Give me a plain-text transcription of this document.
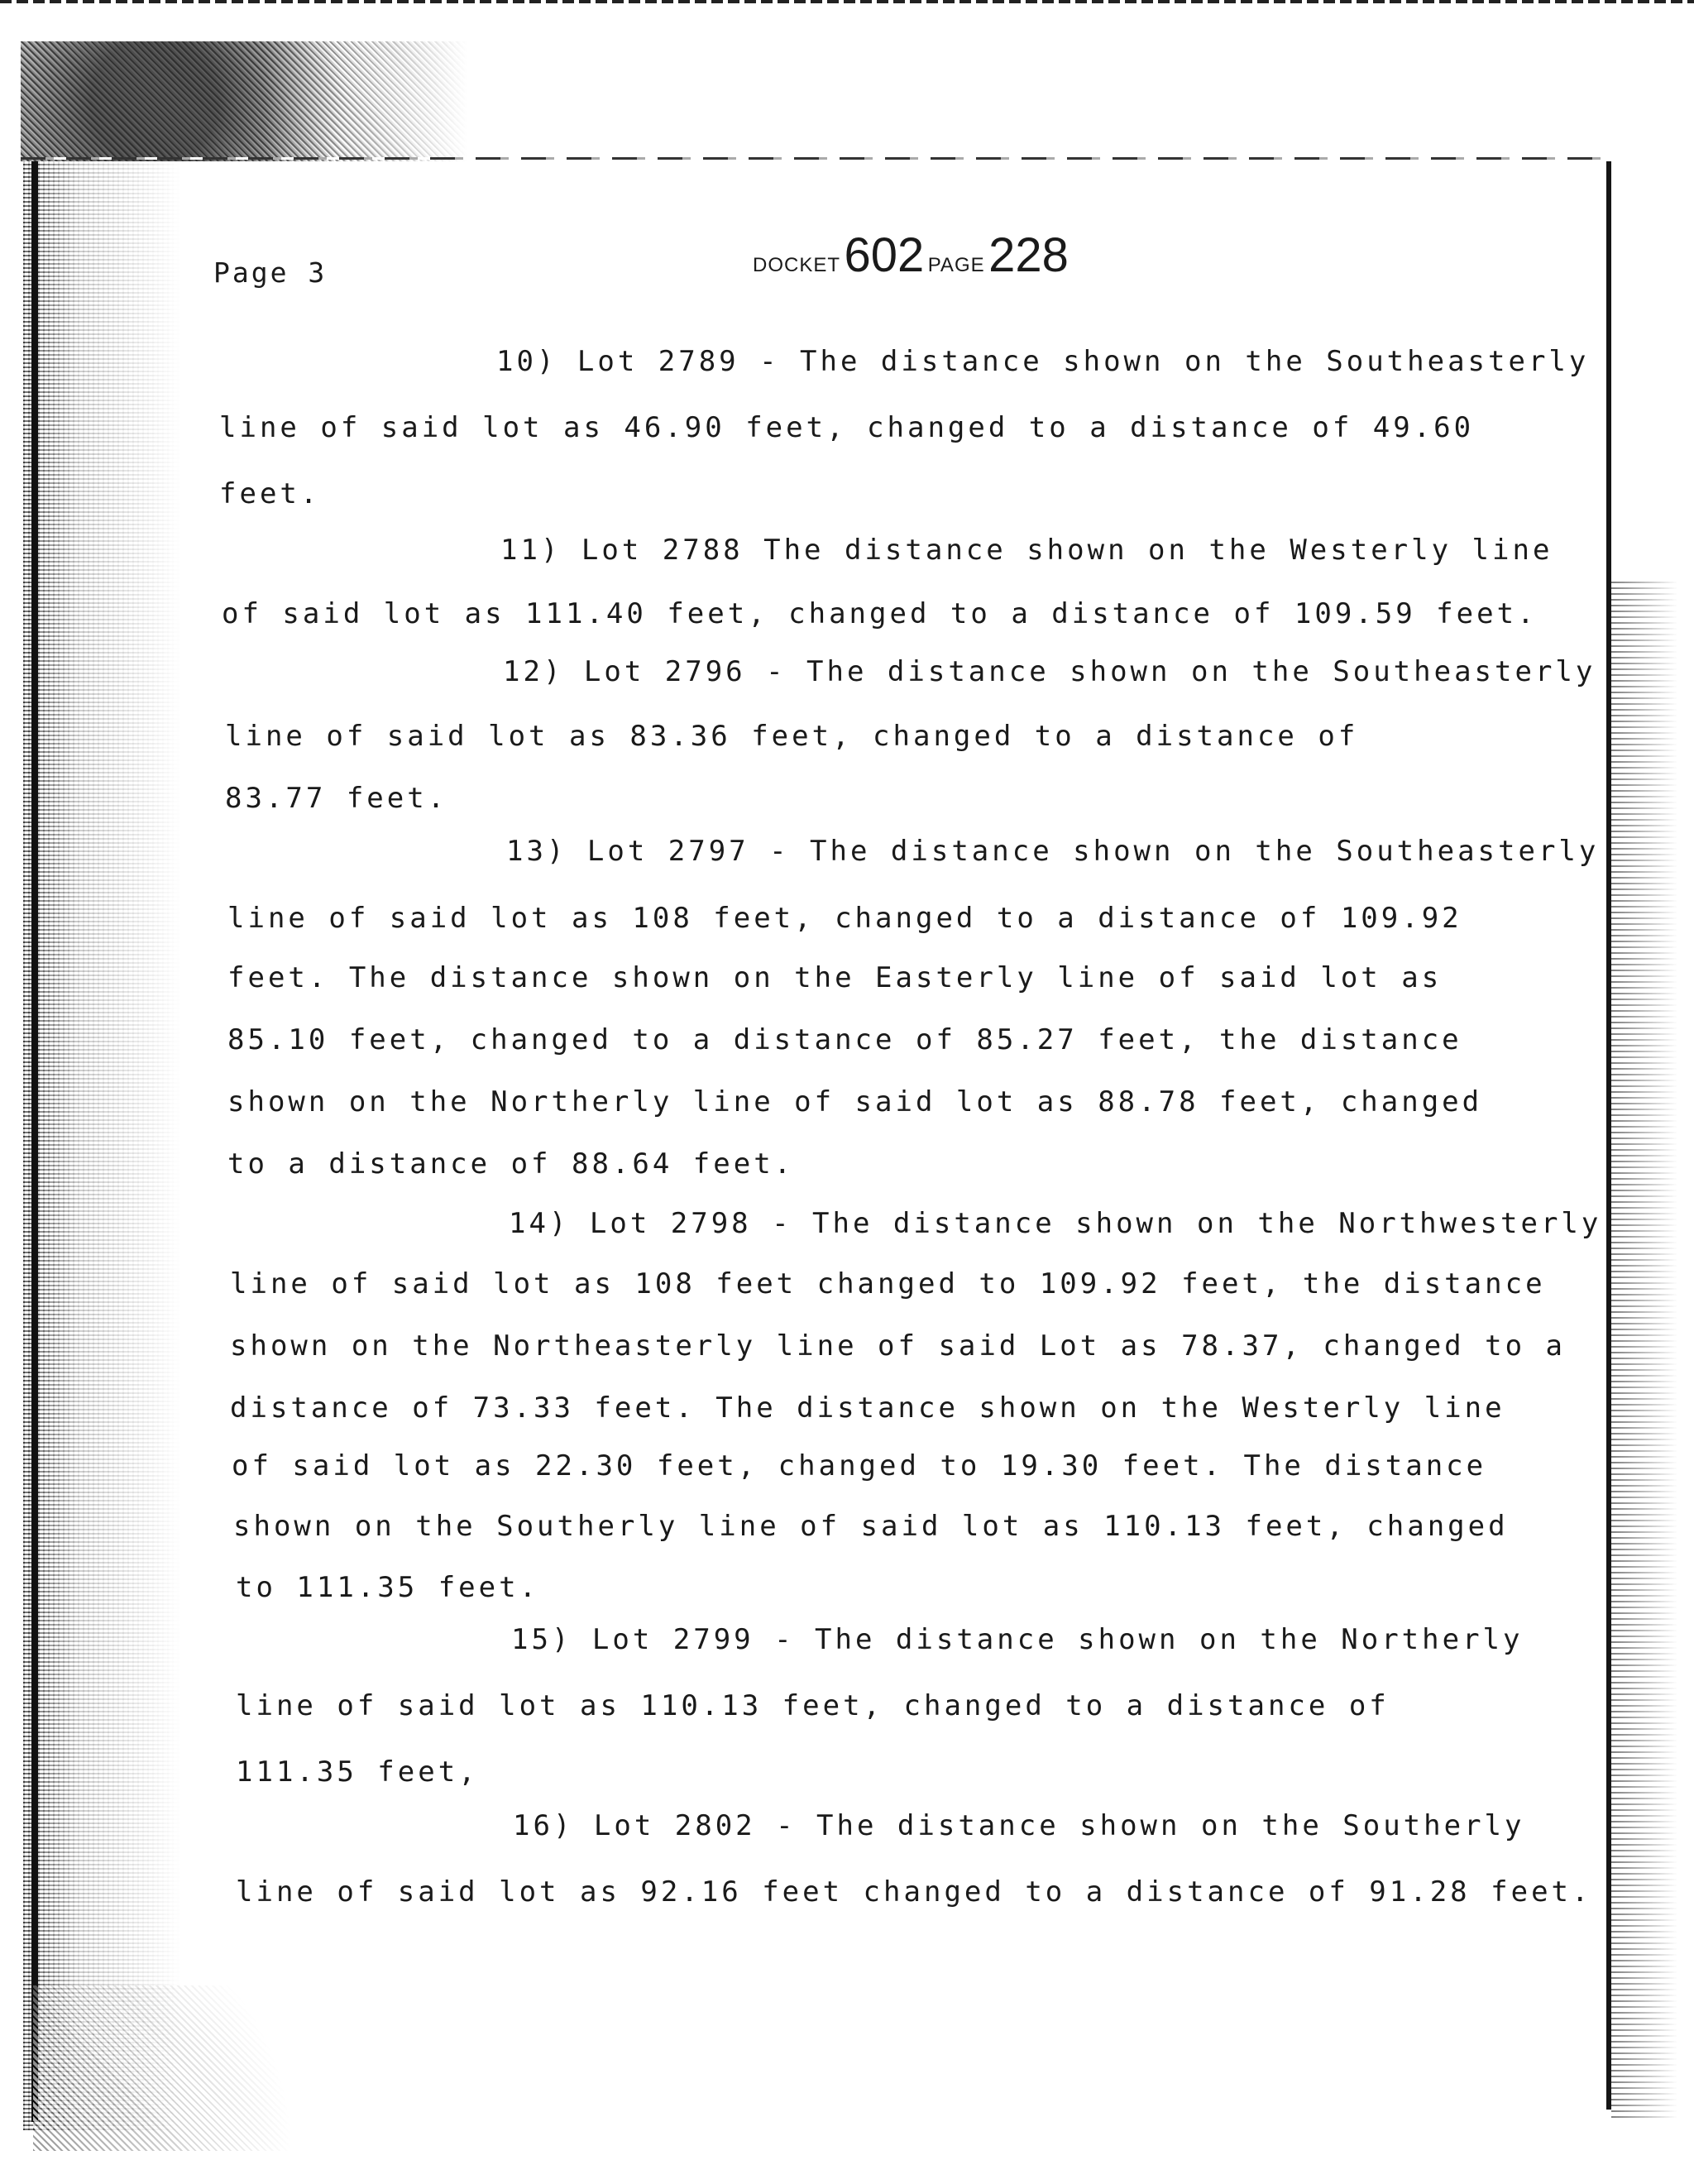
Page 3	DOCKET 602 PAGE 228
10) Lot 2789 - The distance shown on the Southeasterly
line of said lot as 46.90 feet, changed to a distance of 49.60
feet.
11) Lot 2788 The distance shown on the Westerly line
of said lot as 111.40 feet, changed to a distance of 109.59 feet.
12) Lot 2796 - The distance shown on the Southeasterly
line of said lot as 83.36 feet, changed to a distance of
83.77 feet.
13) Lot 2797 - The distance shown on the Southeasterly
line of said lot as 108 feet, changed to a distance of 109.92
feet. The distance shown on the Easterly line of said lot as
85.10 feet, changed to a distance of 85.27 feet, the distance
shown on the Northerly line of said lot as 88.78 feet, changed
to a distance of 88.64 feet.
14) Lot 2798 - The distance shown on the Northwesterly
line of said lot as 108 feet changed to 109.92 feet, the distance
shown on the Northeasterly line of said Lot as 78.37, changed to a
distance of 73.33 feet. The distance shown on the Westerly line
of said lot as 22.30 feet, changed to 19.30 feet. The distance
shown on the Southerly line of said lot as 110.13 feet, changed
to 111.35 feet.
15) Lot 2799 - The distance shown on the Northerly
line of said lot as 110.13 feet, changed to a distance of
111.35 feet,
16) Lot 2802 - The distance shown on the Southerly
line of said lot as 92.16 feet changed to a distance of 91.28 feet.
